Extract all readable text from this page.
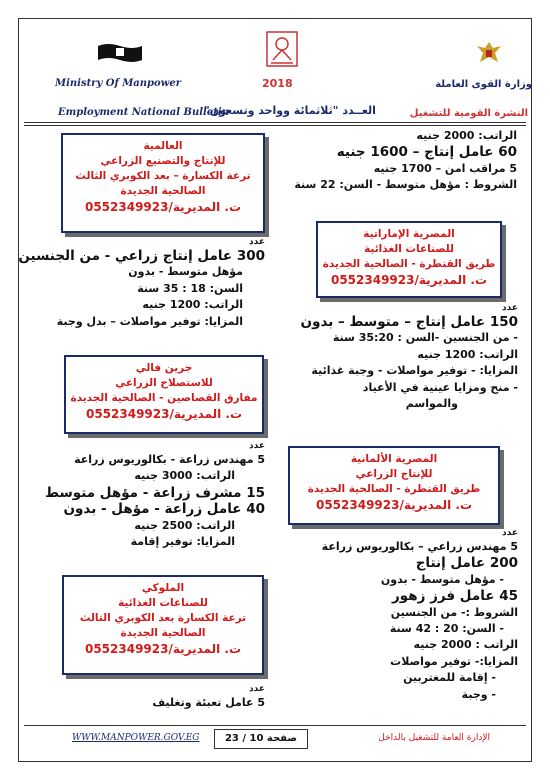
Ministry Of Manpower	2018	وزارة القوى العاملة
Employment National Bulletin	العــدد "ثلاثمائة وواحد وتسعون"	النشرة القومية للتشغيل
الراتب: 2000 جنيه
60 عامل إنتاج – 1600 جنيه
5 مراقب امن – 1700 جنيه
الشروط : مؤهل متوسط - السن: 22 سنة
المصرية الإماراتية
للصناعات الغذائية
طريق القنطرة - الصالحية الجديدة
ت. المديرية/0552349923
عدد
150 عامل إنتاج – متوسط – بدون
- من الجنسين -السن : 35:20 سنة
الراتب: 1200 جنيه
المزايا: - توفير مواصلات - وجبة غذائية
- منح ومزايا عينية في الأعياد
والمواسم
المصرية الألمانية
للإنتاج الزراعي
طريق القنطرة - الصالحية الجديدة
ت. المديرية/0552349923
عدد
5 مهندس زراعي – بكالوريوس زراعة
200 عامل إنتاج
- مؤهل متوسط - بدون
45 عامل فرز زهور
الشروط :- من الجنسين
- السن: 20 : 42 سنة
الراتب : 2000 جنيه
المزايا:- توفير مواصلات
- إقامة للمغتربين
- وجبة
العالمية
للإنتاج والتصنيع الزراعي
ترعة الكسارة – بعد الكوبري الثالث
الصالحية الجديدة
ت. المديرية/0552349923
عدد
300 عامل إنتاج زراعي - من الجنسين
مؤهل متوسط - بدون
السن: 18 : 35 سنة
الراتب: 1200 جنيه
المزايا: توفير مواصلات – بدل وجبة
جرين فالي
للاستصلاح الزراعي
مفارق القصاصين - الصالحية الجديدة
ت. المديرية/0552349923
عدد
5 مهندس زراعة - بكالوريوس زراعة
الراتب: 3000 جنيه
15 مشرف زراعة - مؤهل متوسط
40 عامل زراعة - مؤهل - بدون
الراتب: 2500 جنيه
المزايا: توفير إقامة
الملوكي
للصناعات الغذائية
ترعة الكسارة بعد الكوبري الثالث
الصالحية الجديدة
ت. المديرية/0552349923
عدد
5 عامل تعبئة وتغليف
WWW.MANPOWER.GOV.EG	صفحة 10 / 23	الإدارة العامة للتشغيل بالداخل
